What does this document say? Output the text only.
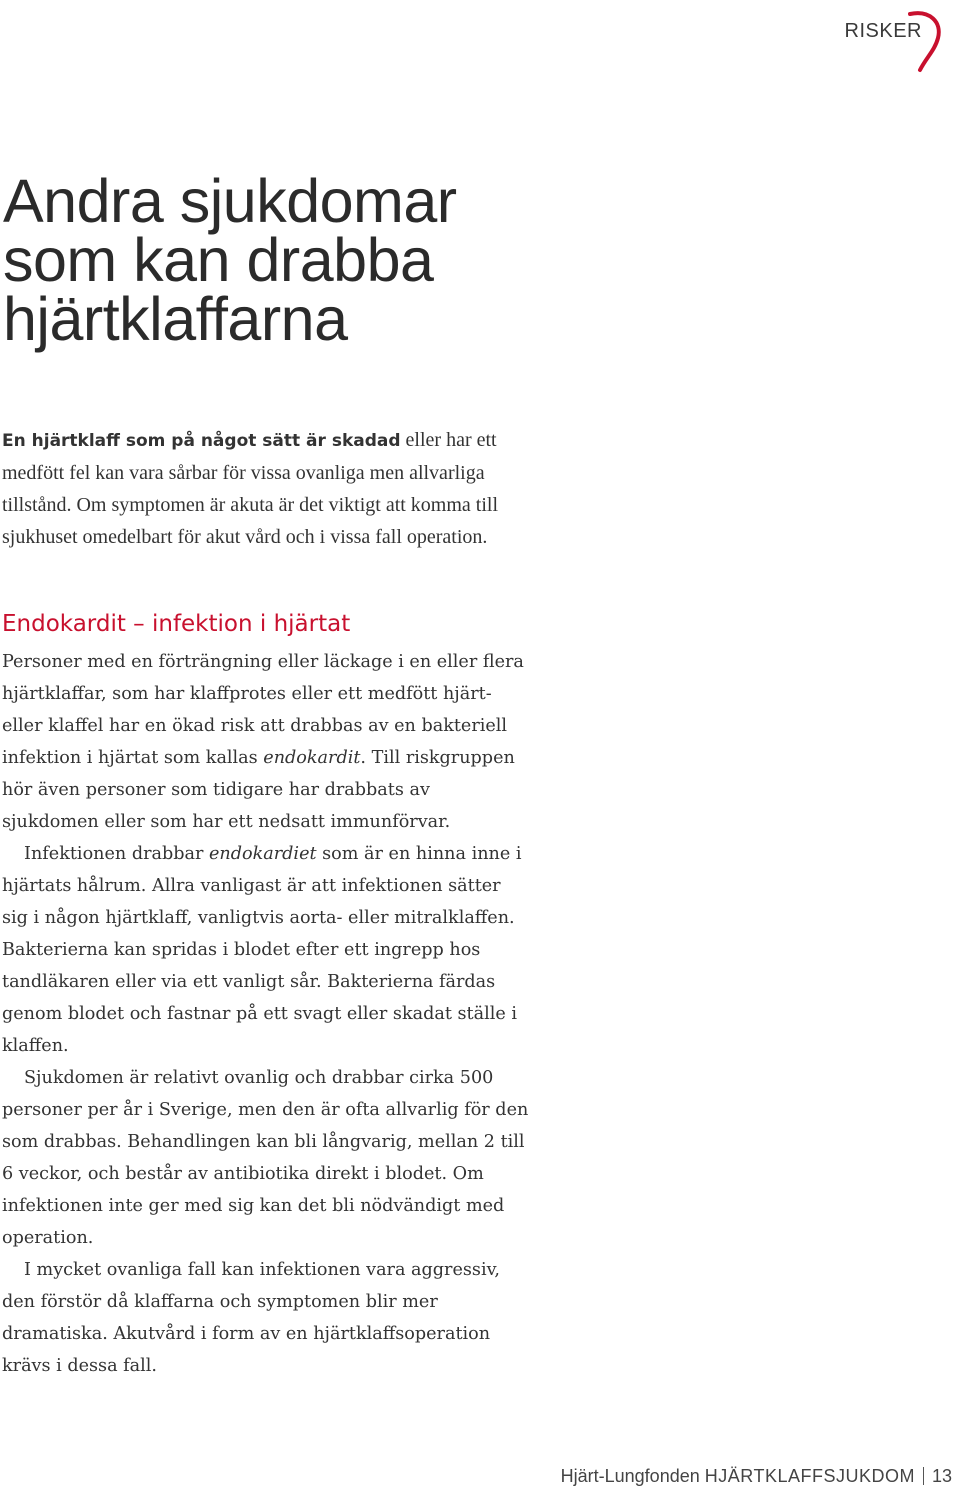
RISKER
Andra sjukdomar
som kan drabba
hjärtklaffarna

En hjärtklaff som på något sätt är skadad eller har ett medfött fel kan vara sårbar för vissa ovanliga men allvarliga tillstånd. Om symptomen är akuta är det viktigt att komma till sjukhuset omedelbart för akut vård och i vissa fall operation.

Endokardit – infektion i hjärtat

Personer med en förträngning eller läckage i en eller flera hjärtklaffar, som har klaffprotes eller ett medfött hjärt- eller klaffel har en ökad risk att drabbas av en bakteriell infektion i hjärtat som kallas endokardit. Till riskgruppen hör även personer som tidigare har drabbats av sjukdomen eller som har ett nedsatt immunförvar.

Infektionen drabbar endokardiet som är en hinna inne i hjärtats hålrum. Allra vanligast är att infektionen sätter sig i någon hjärtklaff, vanligtvis aorta- eller mitralklaffen. Bakterierna kan spridas i blodet efter ett ingrepp hos tandläkaren eller via ett vanligt sår. Bakterierna färdas genom blodet och fastnar på ett svagt eller skadat ställe i klaffen.

Sjukdomen är relativt ovanlig och drabbar cirka 500 personer per år i Sverige, men den är ofta allvarlig för den som drabbas. Behandlingen kan bli långvarig, mellan 2 till 6 veckor, och består av antibiotika direkt i blodet. Om infektionen inte ger med sig kan det bli nödvändigt med operation.

I mycket ovanliga fall kan infektionen vara aggressiv, den förstör då klaffarna och symptomen blir mer dramatiska. Akutvård i form av en hjärtklaffsoperation krävs i dessa fall.

Hjärt-Lungfonden HJÄRTKLAFFSJUKDOM 13
